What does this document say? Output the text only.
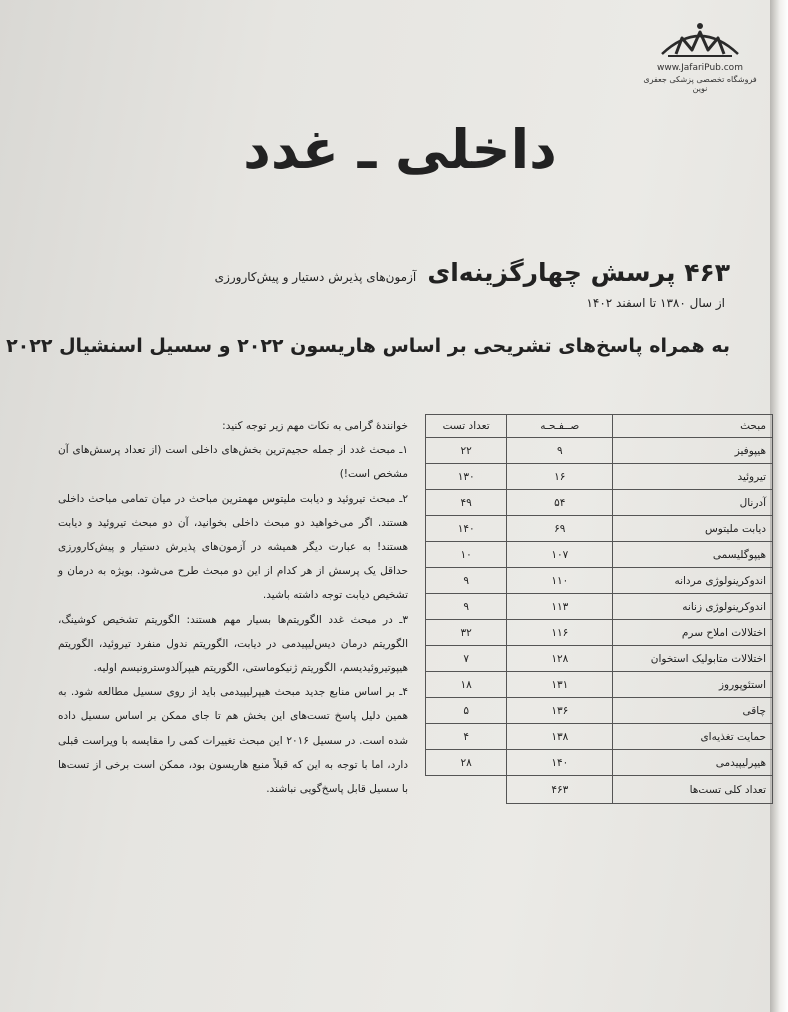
www.JafariPub.com
فروشگاه تخصصی پزشکی جعفری نوین
داخلی ـ غدد
۴۶۳ پرسش چهارگزینه‌ای آزمون‌های پذیرش دستیار و پیش‌کارورزی
از سال ۱۳۸۰ تا اسفند ۱۴۰۲
به همراه پاسخ‌های تشریحی بر اساس هاریسون ۲۰۲۲ و سسیل اسنشیال ۲۰۲۲

خوانندهٔ گرامی به نکات مهم زیر توجه کنید:

۱ـ مبحث غدد از جمله حجیم‌ترین بخش‌های داخلی است (از تعداد پرسش‌های آن مشخص است!)

۲ـ مبحث تیروئید و دیابت ملیتوس مهمترین مباحث در میان تمامی مباحث داخلی هستند. اگر می‌خواهید دو مبحث داخلی بخوانید، آن دو مبحث تیروئید و دیابت هستند! به عبارت دیگر همیشه در آزمون‌های پذیرش دستیار و پیش‌کارورزی حداقل یک پرسش از هر کدام از این دو مبحث طرح می‌شود. بویژه به درمان و تشخیص دیابت توجه داشته باشید.

۳ـ در مبحث غدد الگوریتم‌ها بسیار مهم هستند: الگوریتم تشخیص کوشینگ، الگوریتم درمان دیس‌لیپیدمی در دیابت، الگوریتم ندول منفرد تیروئید، الگوریتم هیپوتیروئیدیسم، الگوریتم ژنیکوماستی، الگوریتم هیپرآلدوسترونیسم اولیه.

۴ـ بر اساس منابع جدید مبحث هیپرلیپیدمی باید از روی سسیل مطالعه شود. به همین دلیل پاسخ تست‌های این بخش هم تا جای ممکن بر اساس سسیل داده شده است. در سسیل ۲۰۱۶ این مبحث تغییرات کمی را مقایسه با ویراست قبلی دارد، اما با توجه به این که قبلاً منبع هاریسون بود، ممکن است برخی از تست‌ها با سسیل قابل پاسخ‌گویی نباشند.

مبحث	صــفـحـه	تعداد تست
هیپوفیز	۹	۲۲
تیروئید	۱۶	۱۳۰
آدرنال	۵۴	۴۹
دیابت ملیتوس	۶۹	۱۴۰
هیپوگلیسمی	۱۰۷	۱۰
اندوکرینولوژی مردانه	۱۱۰	۹
اندوکرینولوژی زنانه	۱۱۳	۹
اختلالات املاح سرم	۱۱۶	۳۲
اختلالات متابولیک استخوان	۱۲۸	۷
استئوپوروز	۱۳۱	۱۸
چاقی	۱۳۶	۵
حمایت تغذیه‌ای	۱۳۸	۴
هیپرلیپیدمی	۱۴۰	۲۸
تعداد کلی تست‌ها	۴۶۳	
